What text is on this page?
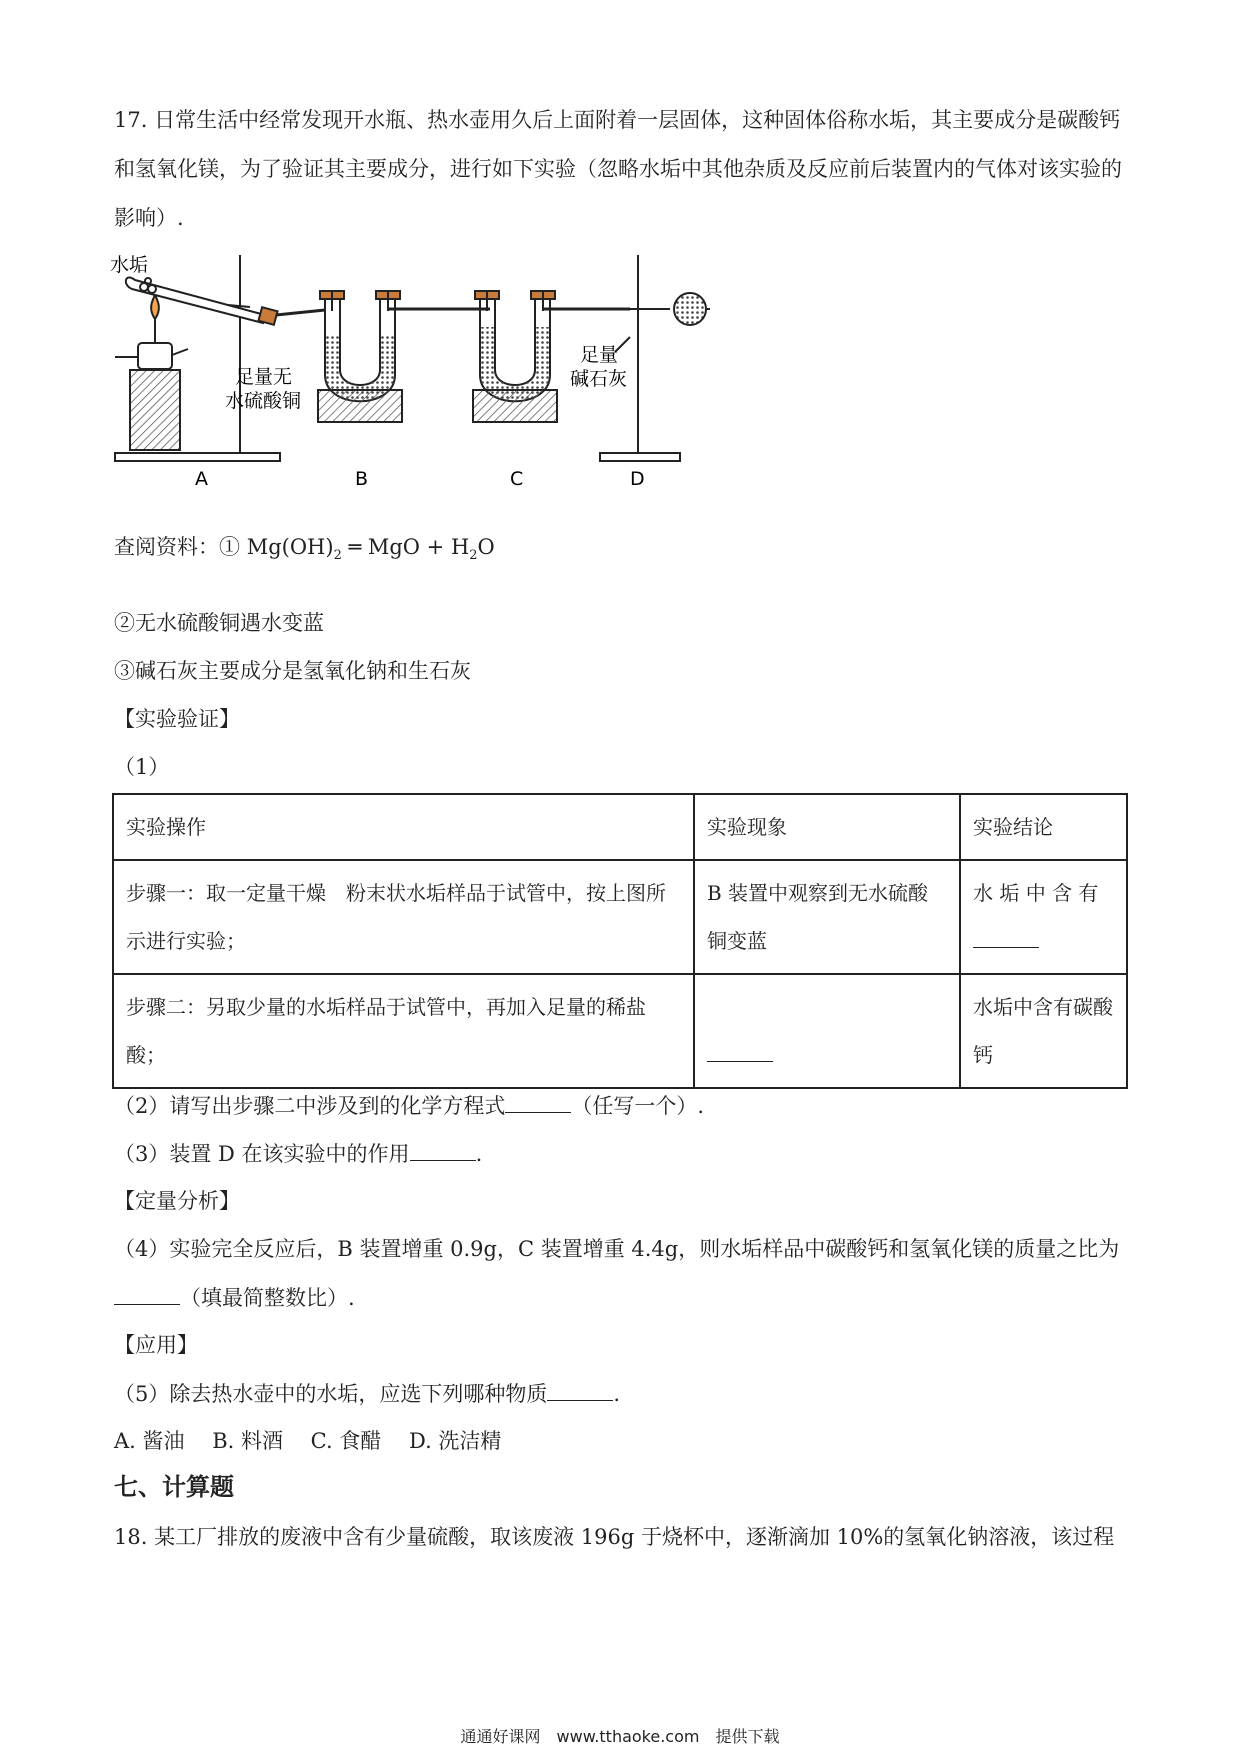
17. 日常生活中经常发现开水瓶、热水壶用久后上面附着一层固体，这种固体俗称水垢，其主要成分是碳酸钙和氢氧化镁，为了验证其主要成分，进行如下实验（忽略水垢中其他杂质及反应前后装置内的气体对该实验的影响）.
水垢
足量无
水硫酸铜
足量
碱石灰
A	B	C	D
查阅资料：① $Mg(OH)_2$ ═ MgO + $H_2O$
②无水硫酸铜遇水变蓝
③碱石灰主要成分是氢氧化钠和生石灰
【实验验证】
（1）
实验操作	实验现象	实验结论
步骤一：取一定量干燥　粉末状水垢样品于试管中，按上图所示进行实验；	B 装置中观察到无水硫酸铜变蓝	水 垢 中 含 有

步骤二：另取少量的水垢样品于试管中，再加入足量的稀盐酸；		水垢中含有碳酸钙
（2）请写出步骤二中涉及到的化学方程式	（任写一个）.
（3）装置 D 在该实验中的作用	.
【定量分析】
（4）实验完全反应后，B 装置增重 0.9g，C 装置增重 4.4g，则水垢样品中碳酸钙和氢氧化镁的质量之比为
（填最简整数比）.
【应用】
（5）除去热水壶中的水垢，应选下列哪种物质	.
A. 酱油　 B. 料酒　 C. 食醋　 D. 洗洁精
七、计算题
18. 某工厂排放的废液中含有少量硫酸，取该废液 196g 于烧杯中，逐渐滴加 10%的氢氧化钠溶液，该过程
通通好课网　www.tthaoke.com　提供下载
